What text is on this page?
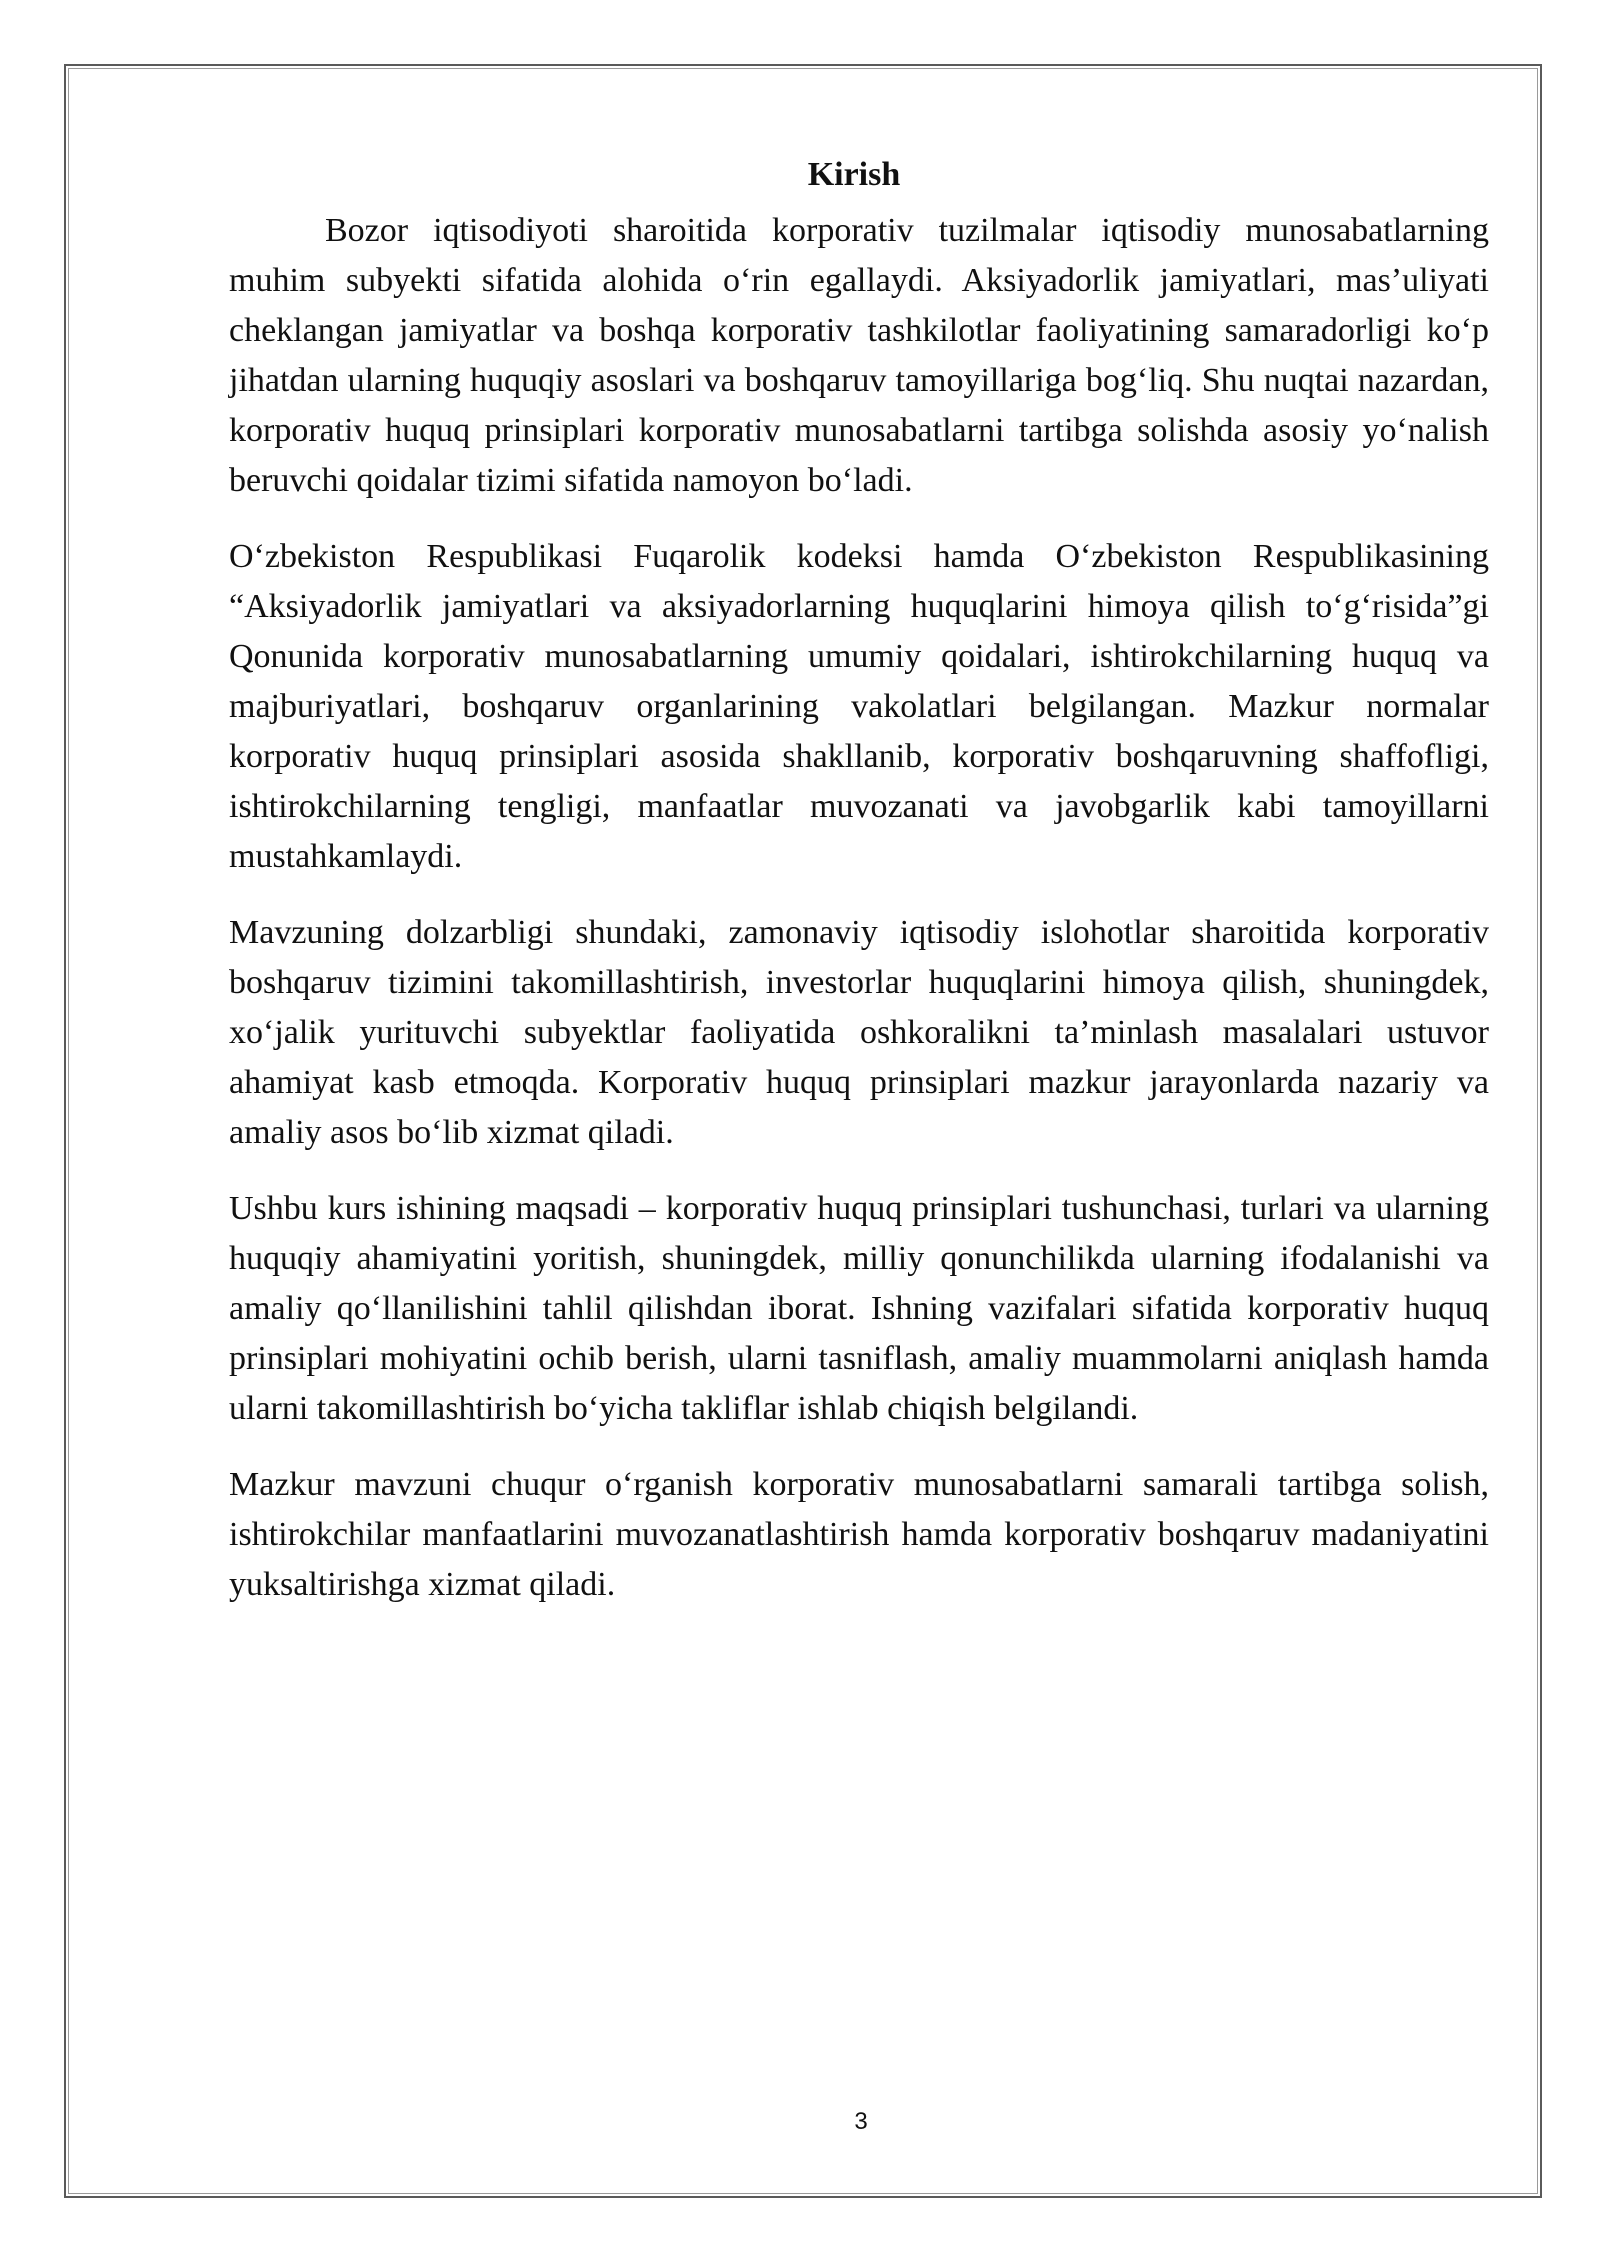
Kirish

Bozor iqtisodiyoti sharoitida korporativ tuzilmalar iqtisodiy munosabatlarning muhim subyekti sifatida alohida o‘rin egallaydi. Aksiyadorlik jamiyatlari, mas’uliyati cheklangan jamiyatlar va boshqa korporativ tashkilotlar faoliyatining samaradorligi ko‘p jihatdan ularning huquqiy asoslari va boshqaruv tamoyillariga bog‘liq. Shu nuqtai nazardan, korporativ huquq prinsiplari korporativ munosabatlarni tartibga solishda asosiy yo‘nalish beruvchi qoidalar tizimi sifatida namoyon bo‘ladi.

O‘zbekiston Respublikasi Fuqarolik kodeksi hamda O‘zbekiston Respublikasining “Aksiyadorlik jamiyatlari va aksiyadorlarning huquqlarini himoya qilish to‘g‘risida”gi Qonunida korporativ munosabatlarning umumiy qoidalari, ishtirokchilarning huquq va majburiyatlari, boshqaruv organlarining vakolatlari belgilangan. Mazkur normalar korporativ huquq prinsiplari asosida shakllanib, korporativ boshqaruvning shaffofligi, ishtirokchilarning tengligi, manfaatlar muvozanati va javobgarlik kabi tamoyillarni mustahkamlaydi.

Mavzuning dolzarbligi shundaki, zamonaviy iqtisodiy islohotlar sharoitida korporativ boshqaruv tizimini takomillashtirish, investorlar huquqlarini himoya qilish, shuningdek, xo‘jalik yurituvchi subyektlar faoliyatida oshkoralikni ta’minlash masalalari ustuvor ahamiyat kasb etmoqda. Korporativ huquq prinsiplari mazkur jarayonlarda nazariy va amaliy asos bo‘lib xizmat qiladi.

Ushbu kurs ishining maqsadi – korporativ huquq prinsiplari tushunchasi, turlari va ularning huquqiy ahamiyatini yoritish, shuningdek, milliy qonunchilikda ularning ifodalanishi va amaliy qo‘llanilishini tahlil qilishdan iborat. Ishning vazifalari sifatida korporativ huquq prinsiplari mohiyatini ochib berish, ularni tasniflash, amaliy muammolarni aniqlash hamda ularni takomillashtirish bo‘yicha takliflar ishlab chiqish belgilandi.

Mazkur mavzuni chuqur o‘rganish korporativ munosabatlarni samarali tartibga solish, ishtirokchilar manfaatlarini muvozanatlashtirish hamda korporativ boshqaruv madaniyatini yuksaltirishga xizmat qiladi.

3
